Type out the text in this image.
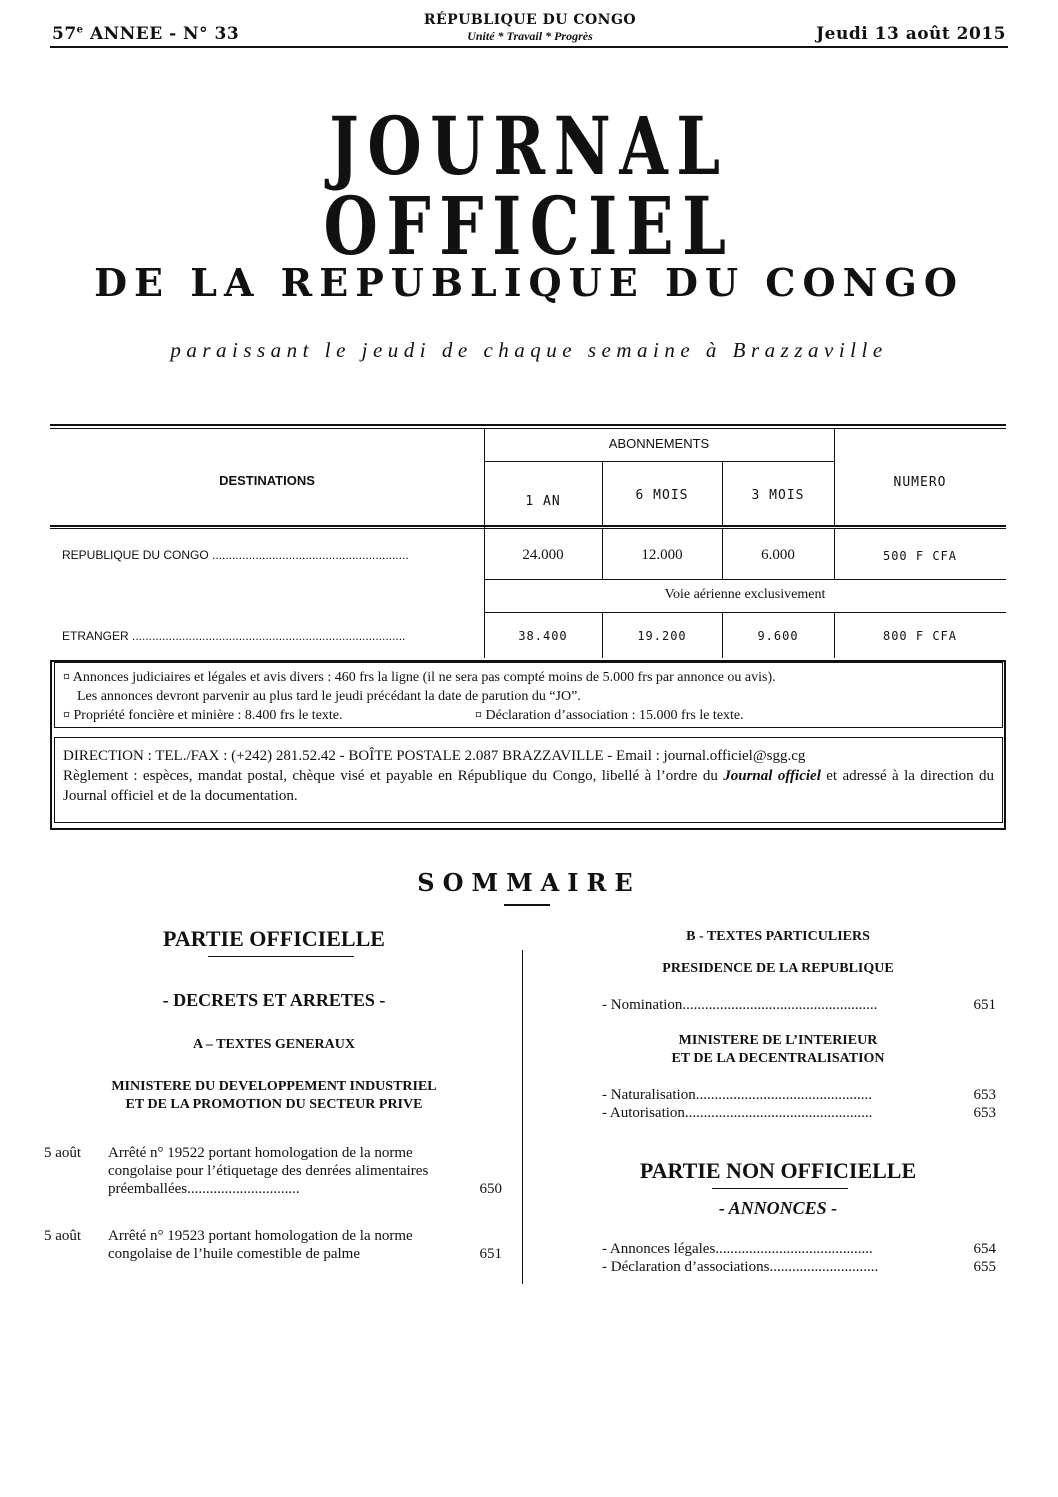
57e ANNEE - N° 33
RÉPUBLIQUE DU CONGO
Unité * Travail * Progrès	Jeudi 13 août 2015
JOURNAL OFFICIEL
DE LA REPUBLIQUE DU CONGO
paraissant le jeudi de chaque semaine à Brazzaville
DESTINATIONS
ABONNEMENTS
1 AN	6 MOIS	3 MOIS
NUMERO
REPUBLIQUE DU CONGO ...........................................................	24.000	12.000	6.000	500 F CFA
Voie aérienne exclusivement
ETRANGER ..................................................................................	38.400	19.200	9.600	800 F CFA
¤ Annonces judiciaires et légales et avis divers : 460 frs la ligne (il ne sera pas compté moins de 5.000 frs par annonce ou avis).
Les annonces devront parvenir au plus tard le jeudi précédant la date de parution du “JO”.
¤ Propriété foncière et minière : 8.400 frs le texte.	¤ Déclaration d’association : 15.000 frs le texte.
DIRECTION : TEL./FAX : (+242) 281.52.42 - BOÎTE POSTALE 2.087 BRAZZAVILLE - Email : journal.officiel@sgg.cg
Règlement : espèces, mandat postal, chèque visé et payable en République du Congo, libellé à l’ordre du Journal officiel et adressé à la direction du Journal officiel et de la documentation.
SOMMAIRE
PARTIE OFFICIELLE
- DECRETS ET ARRETES -
A – TEXTES GENERAUX
MINISTERE DU DEVELOPPEMENT INDUSTRIEL
ET DE LA PROMOTION DU SECTEUR PRIVE
5 août Arrêté n° 19522 portant homologation de la norme congolaise pour l’étiquetage des denrées alimentaires préemballées..............................	650
5 août Arrêté n° 19523 portant homologation de la norme congolaise de l’huile comestible de palme	651
B - TEXTES PARTICULIERS
PRESIDENCE DE LA REPUBLIQUE
- Nomination....................................................	651
MINISTERE DE L’INTERIEUR
ET DE LA DECENTRALISATION
- Naturalisation...............................................	653
- Autorisation..................................................	653
PARTIE NON OFFICIELLE
- ANNONCES -
- Annonces légales..........................................	654
- Déclaration d’associations.............................	655
